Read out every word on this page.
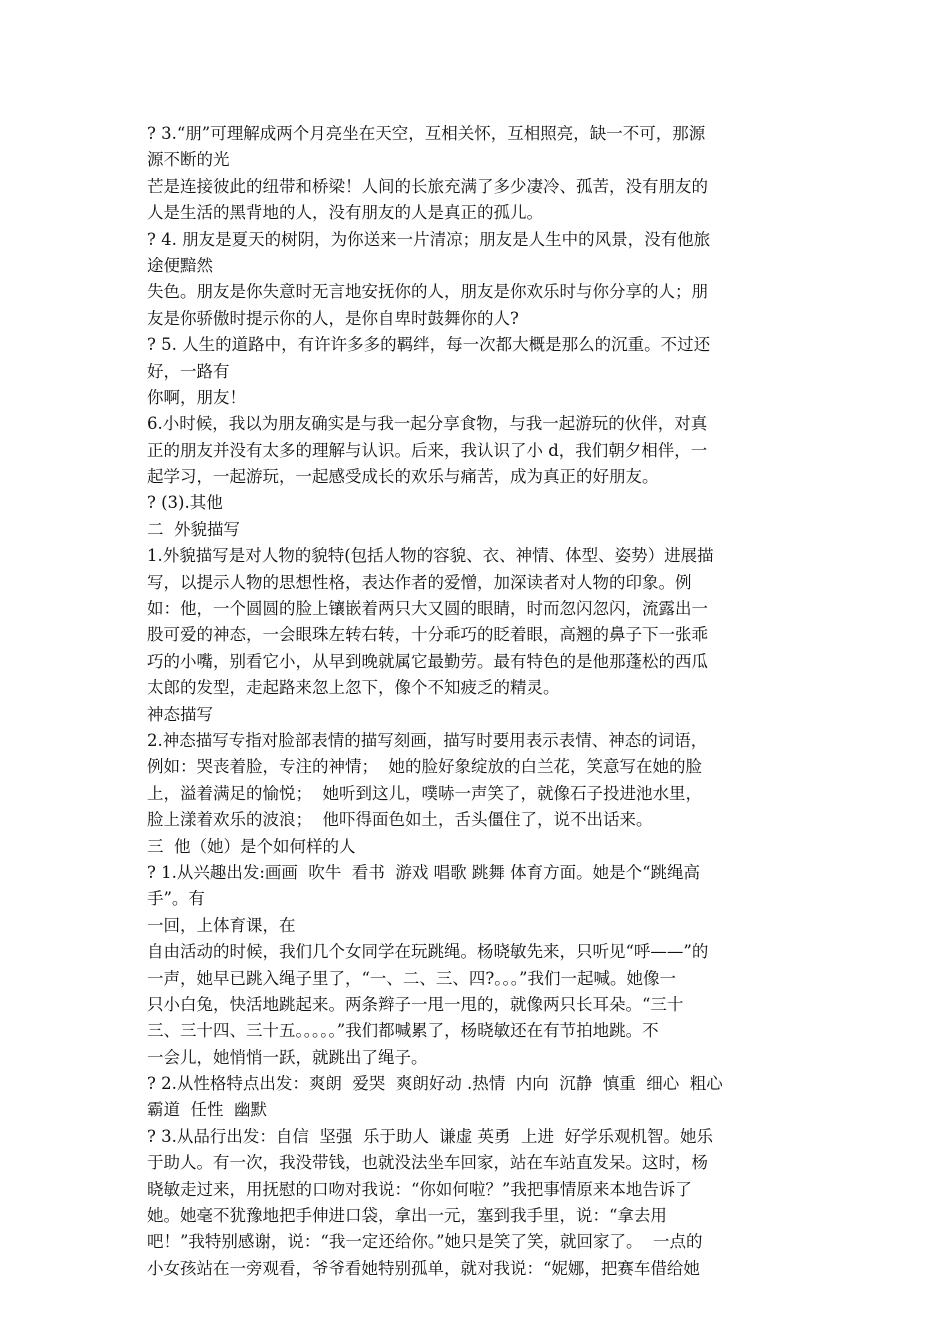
? 3.“朋”可理解成两个月亮坐在天空，互相关怀，互相照亮，缺一不可，那源
源不断的光
芒是连接彼此的纽带和桥梁！人间的长旅充满了多少凄冷、孤苦，没有朋友的
人是生活的黑背地的人，没有朋友的人是真正的孤儿。
? 4. 朋友是夏天的树阴，为你送来一片清凉；朋友是人生中的风景，没有他旅
途便黯然
失色。朋友是你失意时无言地安抚你的人，朋友是你欢乐时与你分享的人；朋
友是你骄傲时提示你的人，是你自卑时鼓舞你的人?
? 5. 人生的道路中，有许许多多的羁绊，每一次都大概是那么的沉重。不过还
好，一路有
你啊，朋友！
6.小时候，我以为朋友确实是与我一起分享食物，与我一起游玩的伙伴，对真
正的朋友并没有太多的理解与认识。后来，我认识了小 d，我们朝夕相伴，一
起学习，一起游玩，一起感受成长的欢乐与痛苦，成为真正的好朋友。
? (3).其他
二  外貌描写
1.外貌描写是对人物的貌特(包括人物的容貌、衣、神情、体型、姿势）进展描
写，以提示人物的思想性格，表达作者的爱憎，加深读者对人物的印象。例
如：他，一个圆圆的脸上镶嵌着两只大又圆的眼睛，时而忽闪忽闪，流露出一
股可爱的神态，一会眼珠左转右转，十分乖巧的眨着眼，高翘的鼻子下一张乖
巧的小嘴，别看它小，从早到晚就属它最勤劳。最有特色的是他那蓬松的西瓜
太郎的发型，走起路来忽上忽下，像个不知疲乏的精灵。
神态描写
2.神态描写专指对脸部表情的描写刻画，描写时要用表示表情、神态的词语，
例如：哭丧着脸，专注的神情；  她的脸好象绽放的白兰花，笑意写在她的脸
上，溢着满足的愉悦；  她听到这儿，噗哧一声笑了，就像石子投进池水里，
脸上漾着欢乐的波浪；  他吓得面色如土，舌头僵住了，说不出话来。
三  他（她）是个如何样的人
? 1.从兴趣出发:画画  吹牛  看书  游戏 唱歌 跳舞 体育方面。她是个“跳绳高
手”。有
一回，上体育课，在
自由活动的时候，我们几个女同学在玩跳绳。杨晓敏先来，只听见“呼——”的
一声，她早已跳入绳子里了，“一、二、三、四?。。。”我们一起喊。她像一
只小白兔，快活地跳起来。两条辫子一甩一甩的，就像两只长耳朵。“三十
三、三十四、三十五。。。。。”我们都喊累了，杨晓敏还在有节拍地跳。不
一会儿，她悄悄一跃，就跳出了绳子。
? 2.从性格特点出发：爽朗  爱哭  爽朗好动 .热情  内向  沉静  慎重  细心  粗心
霸道  任性  幽默
? 3.从品行出发：自信  坚强  乐于助人  谦虚 英勇  上进  好学乐观机智。她乐
于助人。有一次，我没带钱，也就没法坐车回家，站在车站直发呆。这时，杨
晓敏走过来，用抚慰的口吻对我说：“你如何啦？”我把事情原来本地告诉了
她。她毫不犹豫地把手伸进口袋，拿出一元，塞到我手里，说：“拿去用
吧！”我特别感谢，说：“我一定还给你。”她只是笑了笑，就回家了。  一点的
小女孩站在一旁观看，爷爷看她特别孤单，就对我说：“妮娜，把赛车借给她
